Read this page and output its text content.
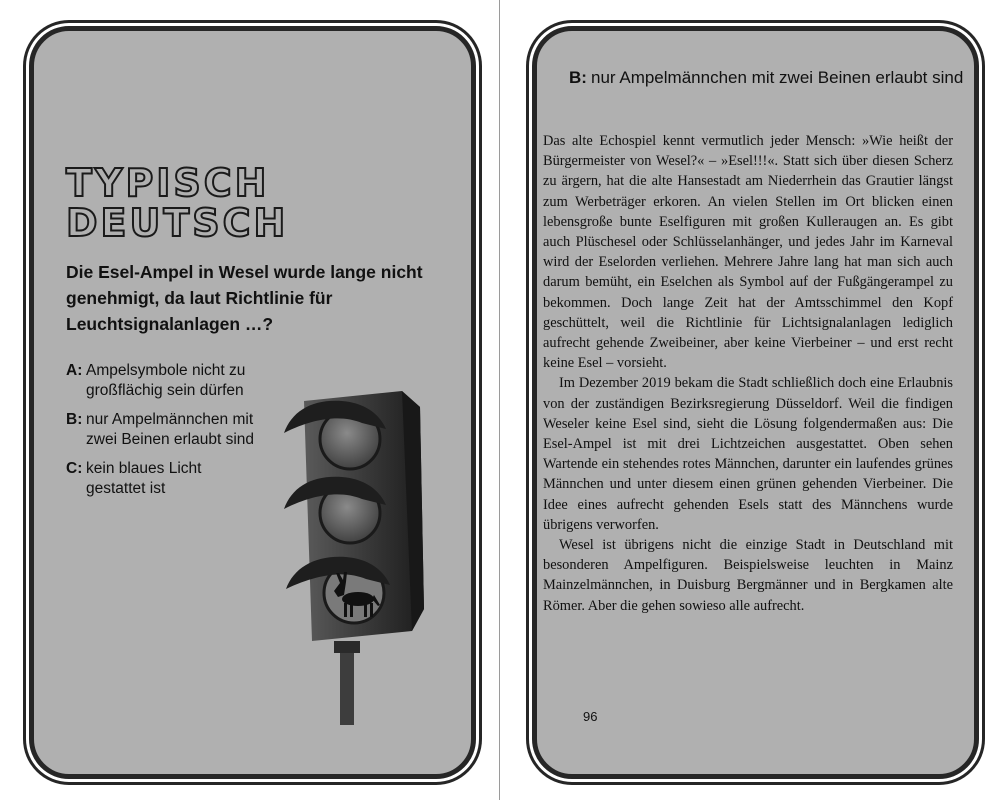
TYPISCH
DEUTSCH

Die Esel-Ampel in Wesel wurde lange nicht genehmigt, da laut Richtlinie für Leuchtsignalanlagen …?

A : Ampelsymbole nicht zu großflächig sein dürfen
B : nur Ampelmännchen mit zwei Beinen erlaubt sind
C : kein blaues Licht gestattet ist
B : nur Ampelmännchen mit zwei Beinen erlaubt sind

Das alte Echospiel kennt vermutlich jeder Mensch: »Wie heißt der Bürgermeister von Wesel?« – »Esel!!!«. Statt sich über diesen Scherz zu ärgern, hat die alte Hansestadt am Niederrhein das Grautier längst zum Werbeträger erkoren. An vielen Stellen im Ort blicken einen lebensgroße bunte Eselfiguren mit großen Kulleraugen an. Es gibt auch Plüschesel oder Schlüsselanhänger, und jedes Jahr im Karneval wird der Eselorden verliehen. Mehrere Jahre lang hat man sich auch darum bemüht, ein Eselchen als Symbol auf der Fußgängerampel zu bekommen. Doch lange Zeit hat der Amtsschimmel den Kopf geschüttelt, weil die Richtlinie für Lichtsignalanlagen lediglich aufrecht gehende Zweibeiner, aber keine Vierbeiner – und erst recht keine Esel – vorsieht.

Im Dezember 2019 bekam die Stadt schließlich doch eine Erlaubnis von der zuständigen Bezirksregierung Düsseldorf. Weil die findigen Weseler keine Esel sind, sieht die Lösung folgendermaßen aus: Die Esel-Ampel ist mit drei Lichtzeichen ausgestattet. Oben sehen Wartende ein stehendes rotes Männchen, darunter ein laufendes grünes Männchen und unter diesem einen grünen gehenden Vierbeiner. Die Idee eines aufrecht gehenden Esels statt des Männchens wurde übrigens verworfen.

Wesel ist übrigens nicht die einzige Stadt in Deutschland mit besonderen Ampelfiguren. Beispielsweise leuchten in Mainz Mainzelmännchen, in Duisburg Bergmänner und in Bergkamen alte Römer. Aber die gehen sowieso alle aufrecht.

96
